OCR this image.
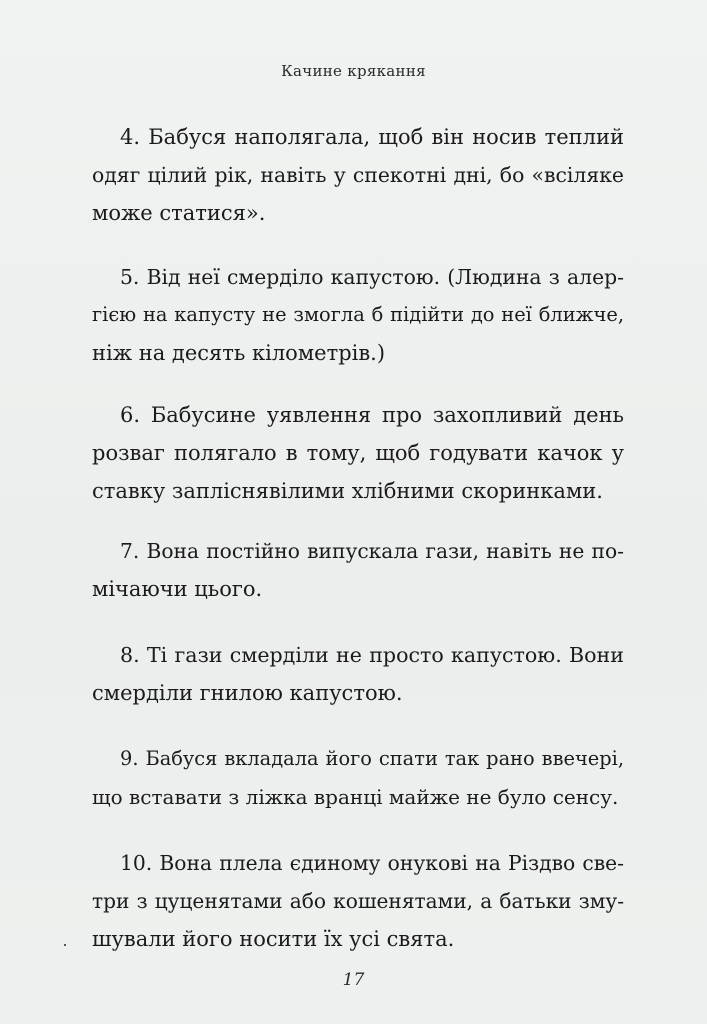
Качине крякання
4. Бабуся наполягала, щоб він носив теплий
одяг цілий рік, навіть у спекотні дні, бо «всіляке
може статися».
5. Від неї смерділо капустою. (Людина з алер-
гією на капусту не змогла б підійти до неї ближче,
ніж на десять кілометрів.)
6. Бабусине уявлення про захопливий день
розваг полягало в тому, щоб годувати качок у
ставку запліснявілими хлібними скоринками.
7. Вона постійно випускала гази, навіть не по-
мічаючи цього.
8. Ті гази смерділи не просто капустою. Вони
смерділи гнилою капустою.
9. Бабуся вкладала його спати так рано ввечері,
що вставати з ліжка вранці майже не було сенсу.
10. Вона плела єдиному онукові на Різдво све-
три з цуценятами або кошенятами, а батьки зму-
шували його носити їх усі свята.
17
